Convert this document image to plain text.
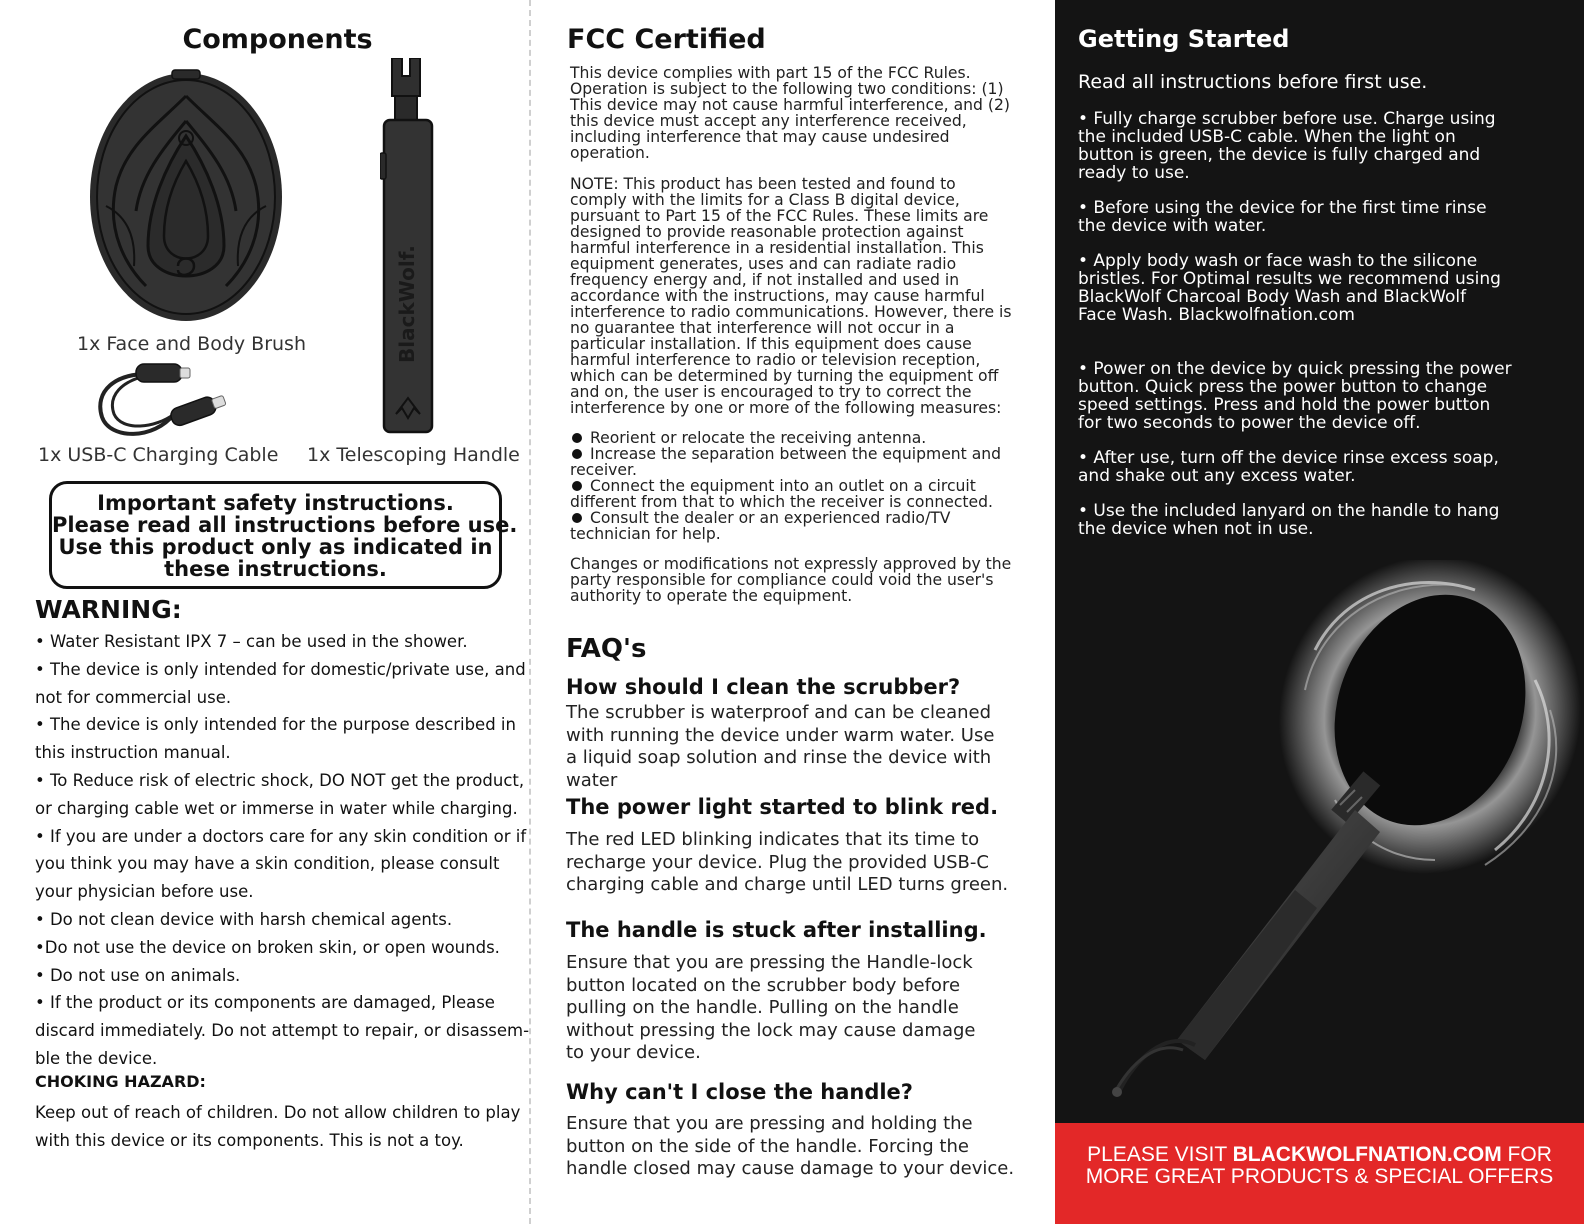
Components
BlackWolf.
1x Face and Body Brush
1x USB-C Charging Cable 1x Telescoping Handle
Important safety instructions.
Please read all instructions before use.
Use this product only as indicated in
these instructions.
WARNING:
• Water Resistant IPX 7 – can be used in the shower.
• The device is only intended for domestic/private use, and
not for commercial use.
• The device is only intended for the purpose described in
this instruction manual.
• To Reduce risk of electric shock, DO NOT get the product,
or charging cable wet or immerse in water while charging.
• If you are under a doctors care for any skin condition or if
you think you may have a skin condition, please consult
your physician before use.
• Do not clean device with harsh chemical agents.
•Do not use the device on broken skin, or open wounds.
• Do not use on animals.
• If the product or its components are damaged, Please
discard immediately. Do not attempt to repair, or disassem-
ble the device.
CHOKING HAZARD:
Keep out of reach of children. Do not allow children to play
with this device or its components. This is not a toy.
FCC Certified
This device complies with part 15 of the FCC Rules.
Operation is subject to the following two conditions: (1)
This device may not cause harmful interference, and (2)
this device must accept any interference received,
including interference that may cause undesired
operation.
NOTE: This product has been tested and found to
comply with the limits for a Class B digital device,
pursuant to Part 15 of the FCC Rules. These limits are
designed to provide reasonable protection against
harmful interference in a residential installation. This
equipment generates, uses and can radiate radio
frequency energy and, if not installed and used in
accordance with the instructions, may cause harmful
interference to radio communications. However, there is
no guarantee that interference will not occur in a
particular installation. If this equipment does cause
harmful interference to radio or television reception,
which can be determined by turning the equipment off
and on, the user is encouraged to try to correct the
interference by one or more of the following measures:
Reorient or relocate the receiving antenna.
Increase the separation between the equipment and
receiver.
Connect the equipment into an outlet on a circuit
different from that to which the receiver is connected.
Consult the dealer or an experienced radio/TV
technician for help.
Changes or modifications not expressly approved by the
party responsible for compliance could void the user's
authority to operate the equipment.
FAQ's
How should I clean the scrubber?
The scrubber is waterproof and can be cleaned
with running the device under warm water. Use
a liquid soap solution and rinse the device with
water
The power light started to blink red.
The red LED blinking indicates that its time to
recharge your device. Plug the provided USB-C
charging cable and charge until LED turns green.
The handle is stuck after installing.
Ensure that you are pressing the Handle-lock
button located on the scrubber body before
pulling on the handle. Pulling on the handle
without pressing the lock may cause damage
to your device.
Why can't I close the handle?
Ensure that you are pressing and holding the
button on the side of the handle. Forcing the
handle closed may cause damage to your device.
Getting Started
Read all instructions before first use.
• Fully charge scrubber before use. Charge using
the included USB-C cable. When the light on
button is green, the device is fully charged and
ready to use.
• Before using the device for the first time rinse
the device with water.
• Apply body wash or face wash to the silicone
bristles. For Optimal results we recommend using
BlackWolf Charcoal Body Wash and BlackWolf
Face Wash. Blackwolfnation.com
• Power on the device by quick pressing the power
button. Quick press the power button to change
speed settings. Press and hold the power button
for two seconds to power the device off.
• After use, turn off the device rinse excess soap,
and shake out any excess water.
• Use the included lanyard on the handle to hang
the device when not in use.
PLEASE VISIT BLACKWOLFNATION.COM FOR
MORE GREAT PRODUCTS & SPECIAL OFFERS
